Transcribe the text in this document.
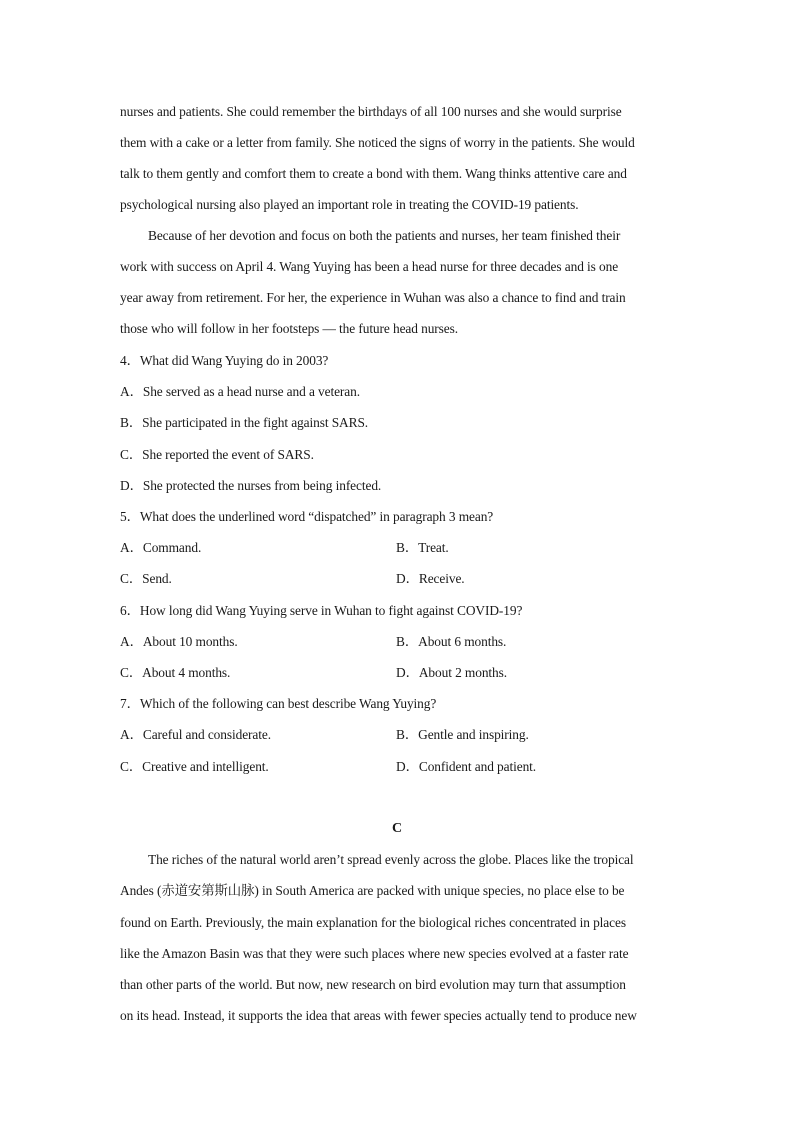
nurses and patients. She could remember the birthdays of all 100 nurses and she would surprise
them with a cake or a letter from family. She noticed the signs of worry in the patients. She would
talk to them gently and comfort them to create a bond with them. Wang thinks attentive care and
psychological nursing also played an important role in treating the COVID-19 patients.
Because of her devotion and focus on both the patients and nurses, her team finished their
work with success on April 4. Wang Yuying has been a head nurse for three decades and is one
year away from retirement. For her, the experience in Wuhan was also a chance to find and train
those who will follow in her footsteps — the future head nurses.
4．What did Wang Yuying do in 2003?
A．She served as a head nurse and a veteran.
B．She participated in the fight against SARS.
C．She reported the event of SARS.
D．She protected the nurses from being infected.
5．What does the underlined word “dispatched” in paragraph 3 mean?
A．Command.	B．Treat.
C．Send.	D．Receive.
6．How long did Wang Yuying serve in Wuhan to fight against COVID-19?
A．About 10 months.	B．About 6 months.
C．About 4 months.	D．About 2 months.
7．Which of the following can best describe Wang Yuying?
A．Careful and considerate.	B．Gentle and inspiring.
C．Creative and intelligent.	D．Confident and patient.
C
The riches of the natural world aren’t spread evenly across the globe. Places like the tropical
Andes (赤道安第斯山脉) in South America are packed with unique species, no place else to be
found on Earth. Previously, the main explanation for the biological riches concentrated in places
like the Amazon Basin was that they were such places where new species evolved at a faster rate
than other parts of the world. But now, new research on bird evolution may turn that assumption
on its head. Instead, it supports the idea that areas with fewer species actually tend to produce new
